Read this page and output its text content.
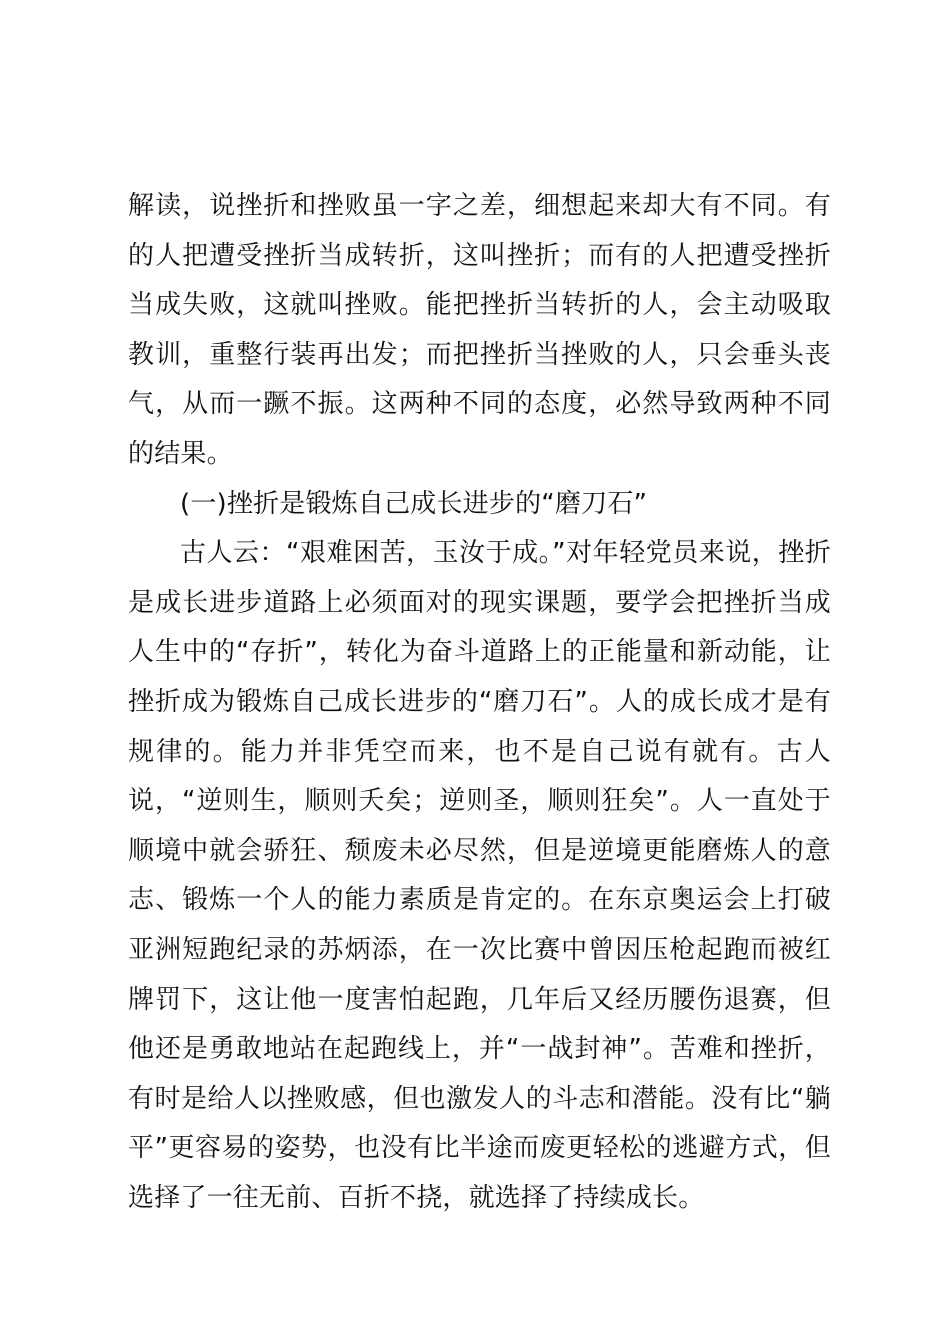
解读，说挫折和挫败虽一字之差，细想起来却大有不同。有的人把遭受挫折当成转折，这叫挫折；而有的人把遭受挫折当成失败，这就叫挫败。能把挫折当转折的人，会主动吸取教训，重整行装再出发；而把挫折当挫败的人，只会垂头丧气，从而一蹶不振。这两种不同的态度，必然导致两种不同的结果。

(一)挫折是锻炼自己成长进步的“磨刀石”

古人云：“艰难困苦，玉汝于成。”对年轻党员来说，挫折是成长进步道路上必须面对的现实课题，要学会把挫折当成人生中的“存折”，转化为奋斗道路上的正能量和新动能，让挫折成为锻炼自己成长进步的“磨刀石”。人的成长成才是有规律的。能力并非凭空而来，也不是自己说有就有。古人说，“逆则生，顺则夭矣；逆则圣，顺则狂矣”。人一直处于顺境中就会骄狂、颓废未必尽然，但是逆境更能磨炼人的意志、锻炼一个人的能力素质是肯定的。在东京奥运会上打破亚洲短跑纪录的苏炳添，在一次比赛中曾因压枪起跑而被红牌罚下，这让他一度害怕起跑，几年后又经历腰伤退赛，但他还是勇敢地站在起跑线上，并“一战封神”。苦难和挫折，有时是给人以挫败感，但也激发人的斗志和潜能。没有比“躺平”更容易的姿势，也没有比半途而废更轻松的逃避方式，但选择了一往无前、百折不挠，就选择了持续成长。
